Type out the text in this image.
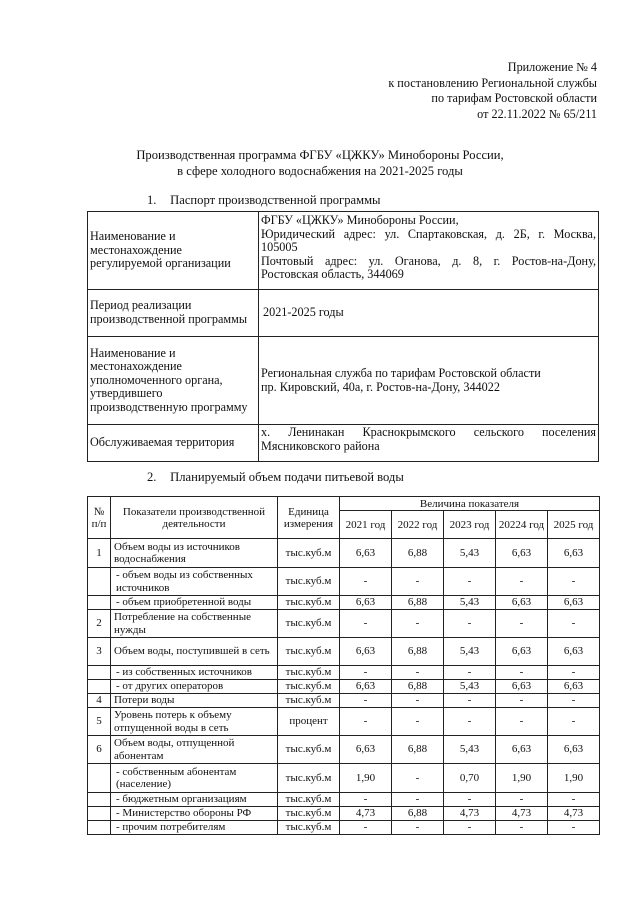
Приложение № 4
к постановлению Региональной службы
по тарифам Ростовской области
от 22.11.2022 № 65/211
Производственная программа ФГБУ «ЦЖКУ» Минобороны России,
в сфере холодного водоснабжения на 2021-2025 годы
1. Паспорт производственной программы
Наименование и местонахождение регулируемой организации	ФГБУ «ЦЖКУ» Минобороны России,
Юридический адрес: ул. Спартаковская, д. 2Б, г. Москва, 105005
Почтовый адрес: ул. Оганова, д. 8, г. Ростов-на-Дону, Ростовская область, 344069

Период реализации производственной программы	2021-2025 годы

Наименование и местонахождение уполномоченного органа, утвердившего производственную программу	Региональная служба по тарифам Ростовской области
пр. Кировский, 40а, г. Ростов-на-Дону, 344022

Обслуживаемая территория	х. Ленинакан Краснокрымского сельского поселения Мясниковского района
2. Планируемый объем подачи питьевой воды
№ п/п	Показатели производственной деятельности	Единица измерения	Величина показателя				
			2021 год	2022 год	2023 год	20224 год	2025 год
1	Объем воды из источников водоснабжения	тыс.куб.м	6,63	6,88	5,43	6,63	6,63
	- объем воды из собственных источников	тыс.куб.м	-	-	-	-	-
	- объем приобретенной воды	тыс.куб.м	6,63	6,88	5,43	6,63	6,63
2	Потребление на собственные нужды	тыс.куб.м	-	-	-	-	-
3	Объем воды, поступившей в сеть	тыс.куб.м	6,63	6,88	5,43	6,63	6,63
	- из собственных источников	тыс.куб.м	-	-	-	-	-
	- от других операторов	тыс.куб.м	6,63	6,88	5,43	6,63	6,63
4	Потери воды	тыс.куб.м	-	-	-	-	-
5	Уровень потерь к объему отпущенной воды в сеть	процент	-	-	-	-	-
6	Объем воды, отпущенной абонентам	тыс.куб.м	6,63	6,88	5,43	6,63	6,63
	- собственным абонентам (население)	тыс.куб.м	1,90	-	0,70	1,90	1,90
	- бюджетным организациям	тыс.куб.м	-	-	-	-	-
	- Министерство обороны РФ	тыс.куб.м	4,73	6,88	4,73	4,73	4,73
	- прочим потребителям	тыс.куб.м	-	-	-	-	-
